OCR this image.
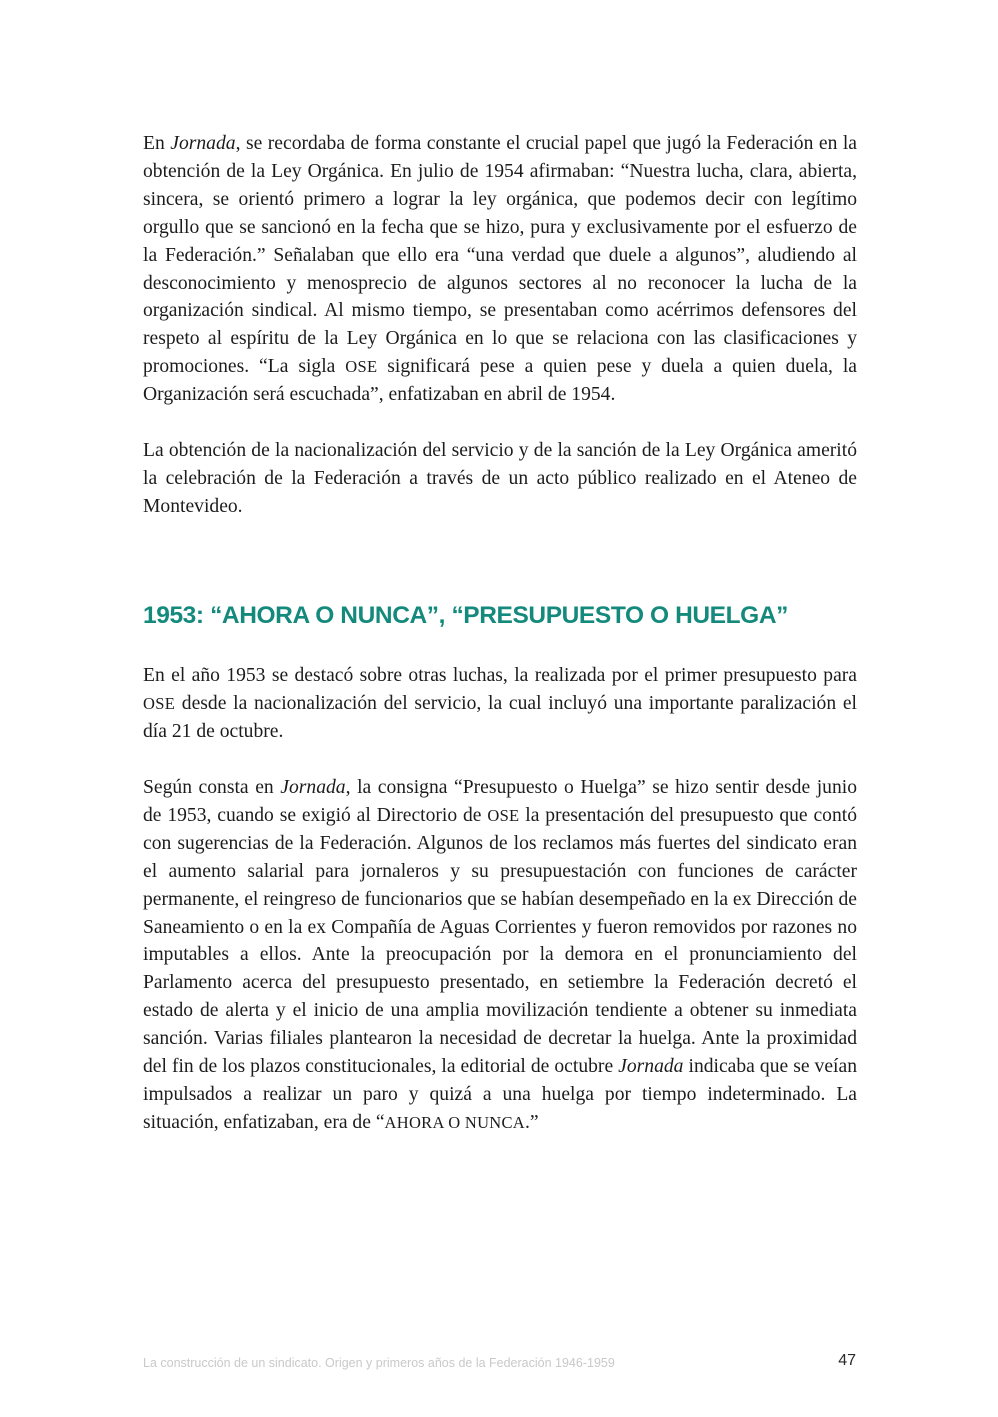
En Jornada, se recordaba de forma constante el crucial papel que jugó la Federación en la obtención de la Ley Orgánica. En julio de 1954 afirmaban: “Nuestra lucha, clara, abierta, sincera, se orientó primero a lograr la ley orgánica, que podemos decir con legítimo orgullo que se sancionó en la fecha que se hizo, pura y exclusivamente por el esfuerzo de la Federación.” Señalaban que ello era “una verdad que duele a algunos”, aludiendo al desconocimiento y menosprecio de algunos sectores al no reconocer la lucha de la organización sindical. Al mismo tiempo, se presentaban como acérrimos defensores del respeto al espíritu de la Ley Orgánica en lo que se relaciona con las clasificaciones y promociones. “La sigla OSE significará pese a quien pese y duela a quien duela, la Organización será escuchada”, enfatizaban en abril de 1954.

La obtención de la nacionalización del servicio y de la sanción de la Ley Orgánica ameritó la celebración de la Federación a través de un acto público realizado en el Ateneo de Montevideo.

1953: “AHORA O NUNCA”, “PRESUPUESTO O HUELGA”

En el año 1953 se destacó sobre otras luchas, la realizada por el primer presupuesto para OSE desde la nacionalización del servicio, la cual incluyó una importante paralización el día 21 de octubre.

Según consta en Jornada, la consigna “Presupuesto o Huelga” se hizo sentir desde junio de 1953, cuando se exigió al Directorio de OSE la presentación del presupuesto que contó con sugerencias de la Federación. Algunos de los reclamos más fuertes del sindicato eran el aumento salarial para jornaleros y su presupuestación con funciones de carácter permanente, el reingreso de funcionarios que se habían desempeñado en la ex Dirección de Saneamiento o en la ex Compañía de Aguas Corrientes y fueron removidos por razones no imputables a ellos. Ante la preocupación por la demora en el pronunciamiento del Parlamento acerca del presupuesto presentado, en setiembre la Federación decretó el estado de alerta y el inicio de una amplia movilización tendiente a obtener su inmediata sanción. Varias filiales plantearon la necesidad de decretar la huelga. Ante la proximidad del fin de los plazos constitucionales, la editorial de octubre Jornada indicaba que se veían impulsados a realizar un paro y quizá a una huelga por tiempo indeterminado. La situación, enfatizaban, era de “AHORA O NUNCA.”

La construcción de un sindicato. Origen y primeros años de la Federación 1946-1959	47
